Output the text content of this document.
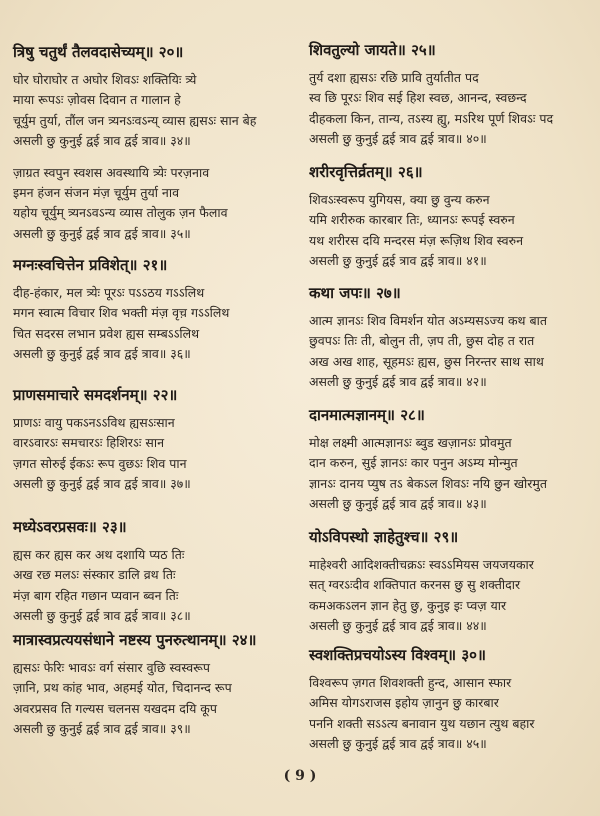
त्रिषु चतुर्थं तैलवदासेच्यम्॥ २०॥
घोर घोराघोर त अघोर शिवऽः शक्तियिः त्र्ये
माया रूपऽः ज़ोवस दिवान त गालान हे
चूर्युम तुर्या, तौंल जन त्र्यनऽःवऽन्य् व्यास ह्यसऽः सान बेह
असली छु कुनुई द्वई त्राव द्वई त्राव॥ ३४॥
ज़ाग्रत स्वपुन स्वशस अवस्थायि त्र्येः परज़नाव
इमन हंजन संजन मंज़ चूर्युम तुर्या नाव
यहोय चूर्युम् त्र्यनऽवऽन्य व्यास तोलुक ज़न फैलाव
असली छु कुनुई द्वई त्राव द्वई त्राव॥ ३५॥
मग्नःस्वचित्तेन प्रविशेत्॥ २१॥
दीह-हंकार, मल त्र्येः पूरऽः पऽऽठय गऽऽलिथ
मगन स्वात्म विचार शिव भक्ती मंज़ वृच़ गऽऽलिथ
चित सदरस लभान प्रवेश ह्यस सम्बऽऽलिथ
असली छु कुनुई द्वई त्राव द्वई त्राव॥ ३६॥
प्राणसमाचारे समदर्शनम्॥ २२॥
प्राणऽः वायु पकऽनऽऽविथ ह्यसऽःसान
वारऽवारऽः समचारऽः हिशिरऽः सान
ज़गत सोरुई ईकऽः रूप वुछऽः शिव पान
असली छु कुनुई द्वई त्राव द्वई त्राव॥ ३७॥
मध्येऽवरप्रसवः॥ २३॥
ह्यस कर ह्यस कर अथ दशायि प्यठ तिः
अख रछ मलऽः संस्कार डालि व्रथ तिः
मंज़ बाग रहित गछान प्यवान ब्वन तिः
असली छु कुनुई द्वई त्राव द्वई त्राव॥ ३८॥
मात्रास्वप्रत्ययसंधाने नष्टस्य पुनरुत्थानम्॥ २४॥
ह्यसऽः फेरिः भावऽः वर्ग संसार वुछि स्वस्वरूप
ज़ानि, प्रथ कांह भाव, अहमई योत, चिदानन्द रूप
अवरप्रसव ति गल्यस चलनस यखदम दयि कूप
असली छु कुनुई द्वई त्राव द्वई त्राव॥ ३९॥
शिवतुल्यो जायते॥ २५॥
तुर्य दशा ह्यसऽः रछि प्रावि तुर्यातीत पद
स्व छि पूरऽः शिव सई हिश स्वछ, आनन्द, स्वछन्द
दीहकला किन, तान्य, तऽस्य ह्यु, मऽरिथ पूर्ण शिवऽः पद
असली छु कुनुई द्वई त्राव द्वई त्राव॥ ४०॥
शरीरवृत्तिर्व्रतम्॥ २६॥
शिवऽःस्वरूप युगियस, क्या छु वुन्य करुन
यमि शरीरुक कारबार तिः, ध्यानऽः रूपई स्वरुन
यथ शरीरस दयि मन्दरस मंज़ रूज़िथ शिव स्वरुन
असली छु कुनुई द्वई त्राव द्वई त्राव॥ ४१॥
कथा जपः॥ २७॥
आत्म ज्ञानऽः शिव विमर्शन योत अऽम्यसऽज्य कथ बात
छुवपऽः तिः ती, बोलुन ती, ज़प ती, छुस दोह त रात
अख अख शाह, सूहमऽः ह्यस, छुस निरन्तर साथ साथ
असली छु कुनुई द्वई त्राव द्वई त्राव॥ ४२॥
दानमात्मज्ञानम्॥ २८॥
मोक्ष लक्ष्मी आत्मज्ञानऽः ब्वुड खज़ानऽः प्रोवमुत
दान करुन, सुई ज्ञानऽः कार पनुन अऽम्य मोन्मुत
ज्ञानऽः दानय प्युष तऽ बेकऽल शिवऽः नयि छुन खोरमुत
असली छु कुनुई द्वई त्राव द्वई त्राव॥ ४३॥
योऽविपस्थो ज्ञाहेतुश्च॥ २९॥
माहेश्वरी आदिशक्तीचक्रऽः स्वऽऽमियस जयजयकार
सत् ग्वरऽःदीव शक्तिपात करनस छु सु शक्तीदार
कमअकऽलन ज्ञान हेतु छु, कुनुइ इः प्वज़ यार
असली छु कुनुई द्वई त्राव द्वई त्राव॥ ४४॥
स्वशक्तिप्रचयोऽस्य विश्वम्॥ ३०॥
विश्वरूप ज़गत शिवशक्ती हुन्द, आसान स्फार
अमिस योगऽराजस इहोय ज़ानुन छु कारबार
पननि शक्ती सऽऽत्य बनावान युथ यछान त्युथ बहार
असली छु कुनुई द्वई त्राव द्वई त्राव॥ ४५॥
( 9 )
